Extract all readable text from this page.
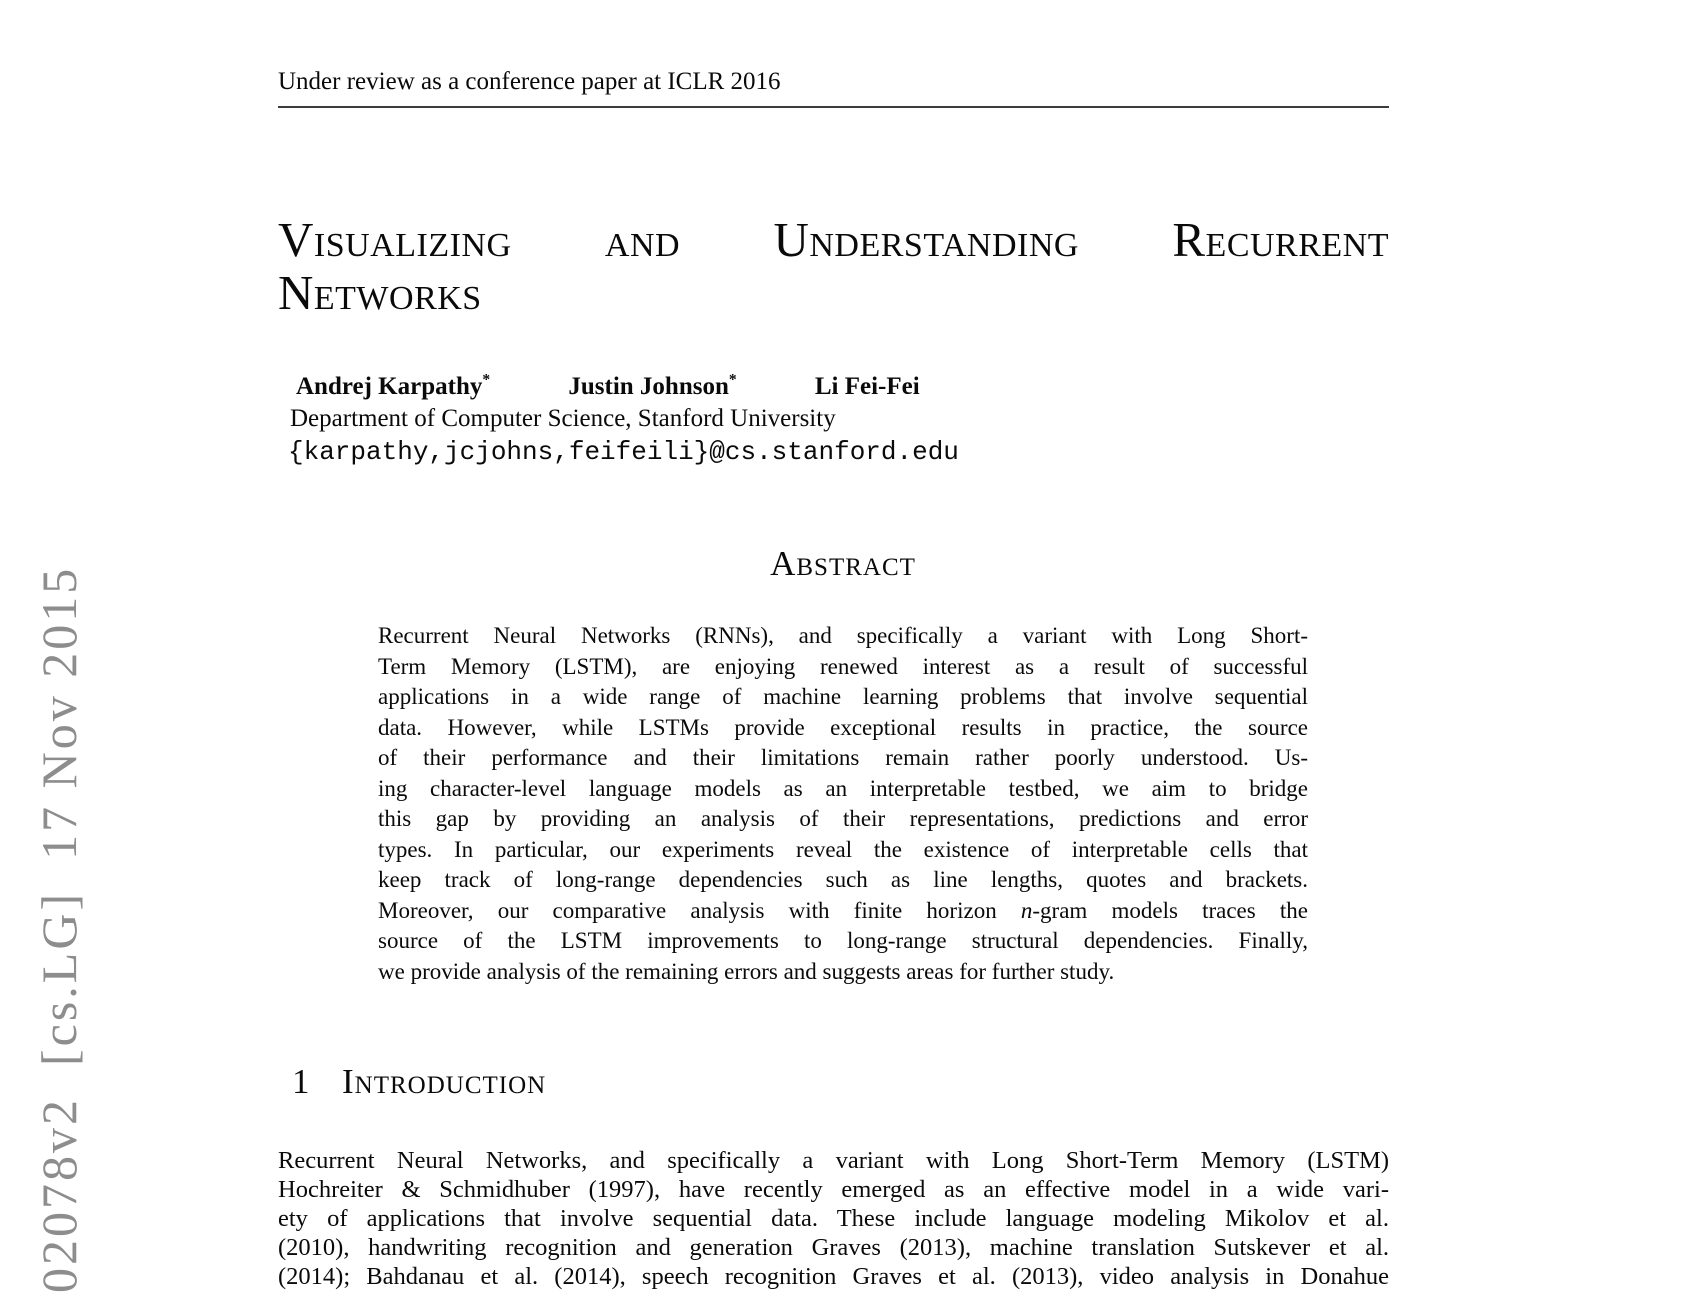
02078v2  [cs.LG]  17 Nov 2015
Under review as a conference paper at ICLR 2016
Visualizing and Understanding Recurrent
Networks
Andrej Karpathy*	Justin Johnson*	Li Fei-Fei
Department of Computer Science, Stanford University
{karpathy,jcjohns,feifeili}@cs.stanford.edu
Abstract
Recurrent Neural Networks (RNNs), and specifically a variant with Long Short-
Term Memory (LSTM), are enjoying renewed interest as a result of successful
applications in a wide range of machine learning problems that involve sequential
data. However, while LSTMs provide exceptional results in practice, the source
of their performance and their limitations remain rather poorly understood. Us-
ing character-level language models as an interpretable testbed, we aim to bridge
this gap by providing an analysis of their representations, predictions and error
types. In particular, our experiments reveal the existence of interpretable cells that
keep track of long-range dependencies such as line lengths, quotes and brackets.
Moreover, our comparative analysis with finite horizon n-gram models traces the
source of the LSTM improvements to long-range structural dependencies. Finally,
we provide analysis of the remaining errors and suggests areas for further study.
1 Introduction
Recurrent Neural Networks, and specifically a variant with Long Short-Term Memory (LSTM)
Hochreiter & Schmidhuber (1997), have recently emerged as an effective model in a wide vari-
ety of applications that involve sequential data. These include language modeling Mikolov et al.
(2010), handwriting recognition and generation Graves (2013), machine translation Sutskever et al.
(2014); Bahdanau et al. (2014), speech recognition Graves et al. (2013), video analysis in Donahue
